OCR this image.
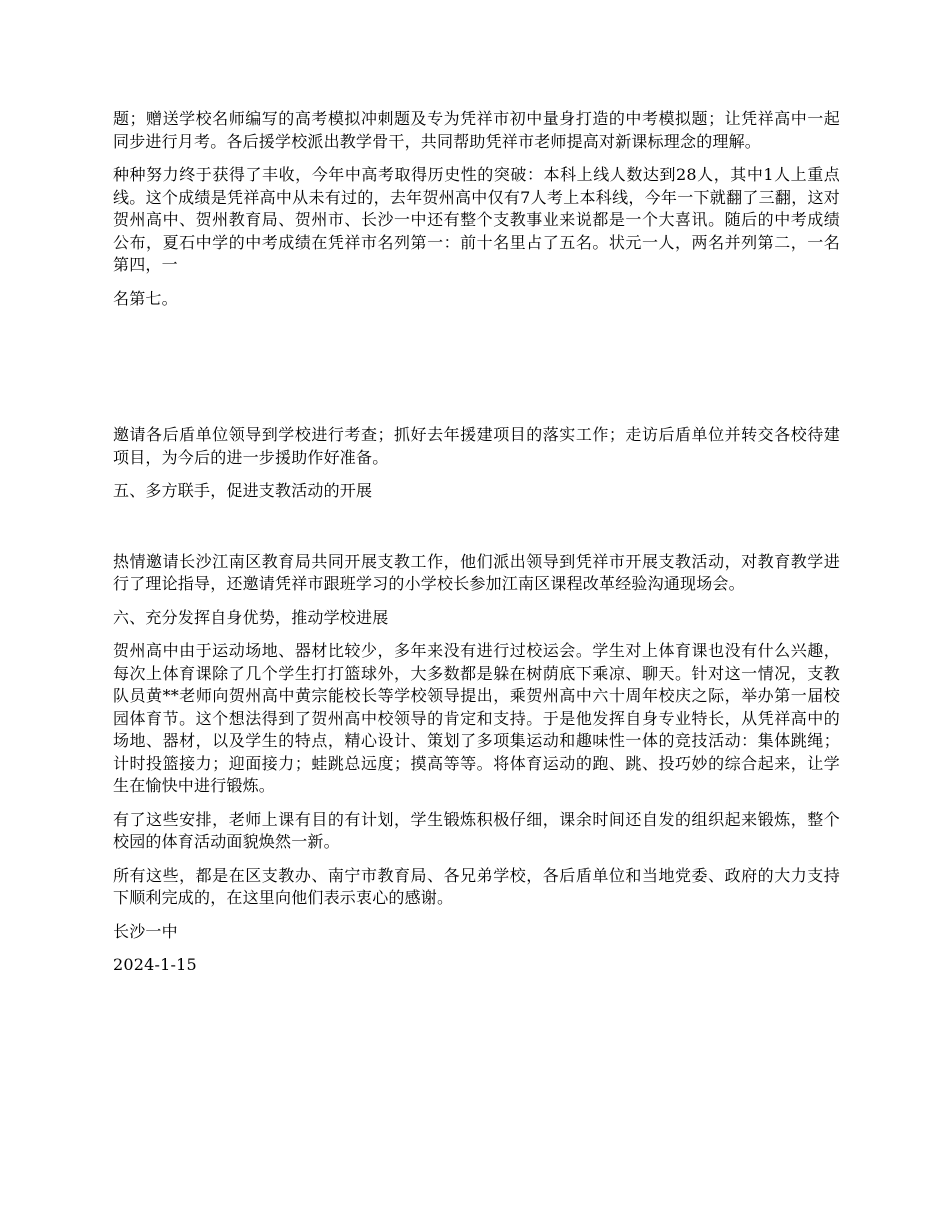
题；赠送学校名师编写的高考模拟冲刺题及专为凭祥市初中量身打造的中考模拟题；让凭祥高中一起同步进行月考。各后援学校派出教学骨干，共同帮助凭祥市老师提高对新课标理念的理解。

种种努力终于获得了丰收，今年中高考取得历史性的突破：本科上线人数达到28人，其中1人上重点线。这个成绩是凭祥高中从未有过的，去年贺州高中仅有7人考上本科线，今年一下就翻了三翻，这对贺州高中、贺州教育局、贺州市、长沙一中还有整个支教事业来说都是一个大喜讯。随后的中考成绩公布，夏石中学的中考成绩在凭祥市名列第一：前十名里占了五名。状元一人，两名并列第二，一名第四，一

名第七。

邀请各后盾单位领导到学校进行考查；抓好去年援建项目的落实工作；走访后盾单位并转交各校待建项目，为今后的进一步援助作好准备。

五、多方联手，促进支教活动的开展

热情邀请长沙江南区教育局共同开展支教工作，他们派出领导到凭祥市开展支教活动，对教育教学进行了理论指导，还邀请凭祥市跟班学习的小学校长参加江南区课程改革经验沟通现场会。

六、充分发挥自身优势，推动学校进展

贺州高中由于运动场地、器材比较少，多年来没有进行过校运会。学生对上体育课也没有什么兴趣，每次上体育课除了几个学生打打篮球外，大多数都是躲在树荫底下乘凉、聊天。针对这一情况，支教队员黄**老师向贺州高中黄宗能校长等学校领导提出，乘贺州高中六十周年校庆之际，举办第一届校园体育节。这个想法得到了贺州高中校领导的肯定和支持。于是他发挥自身专业特长，从凭祥高中的场地、器材，以及学生的特点，精心设计、策划了多项集运动和趣味性一体的竞技活动：集体跳绳；计时投篮接力；迎面接力；蛙跳总远度；摸高等等。将体育运动的跑、跳、投巧妙的综合起来，让学生在愉快中进行锻炼。

有了这些安排，老师上课有目的有计划，学生锻炼积极仔细，课余时间还自发的组织起来锻炼，整个校园的体育活动面貌焕然一新。

所有这些，都是在区支教办、南宁市教育局、各兄弟学校，各后盾单位和当地党委、政府的大力支持下顺利完成的，在这里向他们表示衷心的感谢。

长沙一中

2024-1-15
